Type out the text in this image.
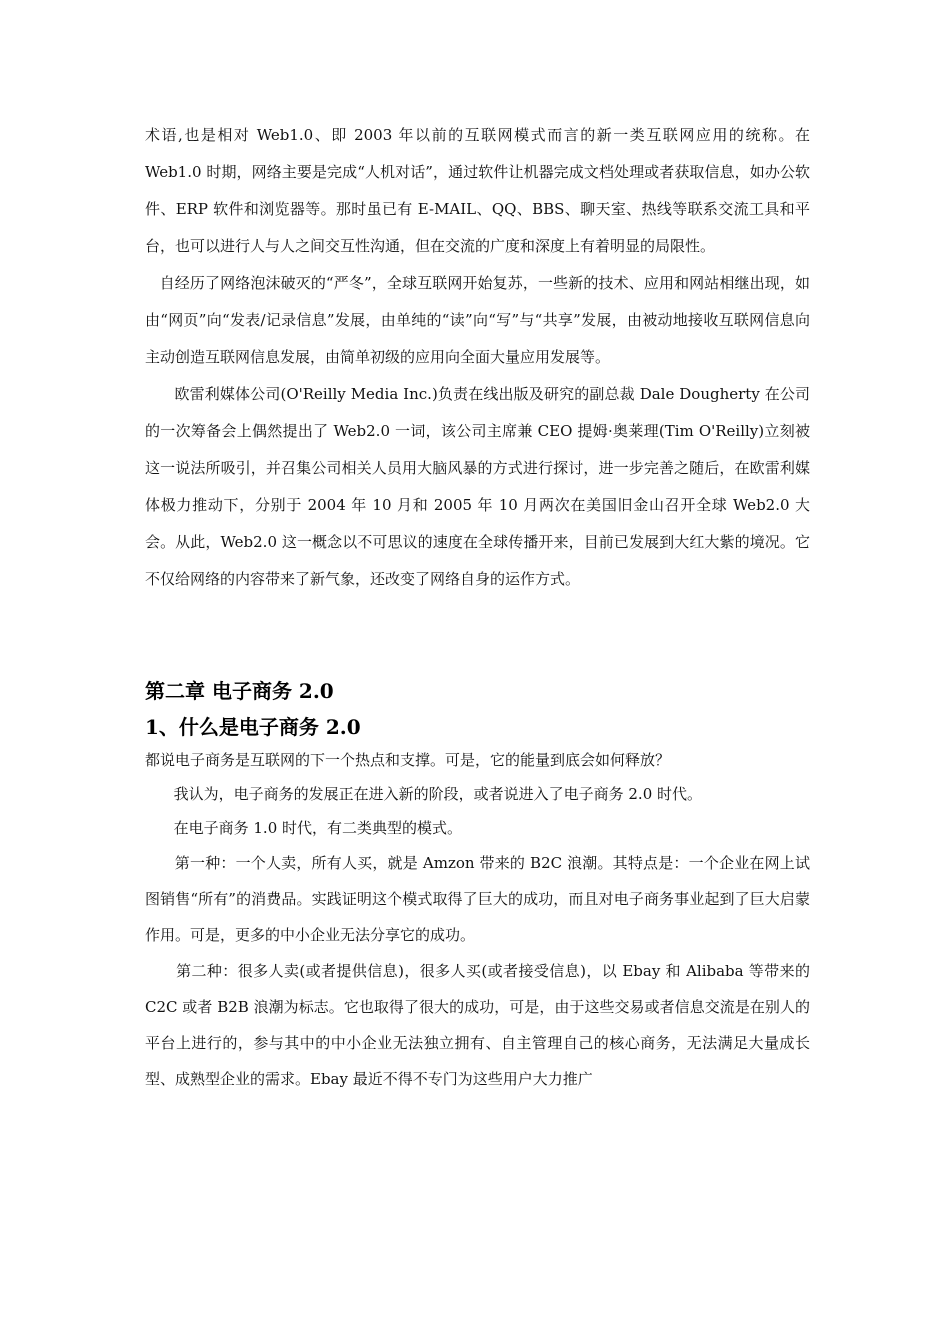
术语,也是相对 Web1.0、即 2003 年以前的互联网模式而言的新一类互联网应用的统称。在 Web1.0 时期，网络主要是完成“人机对话”，通过软件让机器完成文档处理或者获取信息，如办公软件、ERP 软件和浏览器等。那时虽已有 E-MAIL、QQ、BBS、聊天室、热线等联系交流工具和平台，也可以进行人与人之间交互性沟通，但在交流的广度和深度上有着明显的局限性。

自经历了网络泡沫破灭的“严冬”，全球互联网开始复苏，一些新的技术、应用和网站相继出现，如由“网页”向“发表/记录信息”发展，由单纯的“读”向“写”与“共享”发展，由被动地接收互联网信息向主动创造互联网信息发展，由简单初级的应用向全面大量应用发展等。

欧雷利媒体公司(O'Reilly Media Inc.)负责在线出版及研究的副总裁 Dale Dougherty 在公司的一次筹备会上偶然提出了 Web2.0 一词，该公司主席兼 CEO 提姆·奥莱理(Tim O'Reilly)立刻被这一说法所吸引，并召集公司相关人员用大脑风暴的方式进行探讨，进一步完善之随后，在欧雷利媒体极力推动下，分别于 2004 年 10 月和 2005 年 10 月两次在美国旧金山召开全球 Web2.0 大会。从此，Web2.0 这一概念以不可思议的速度在全球传播开来，目前已发展到大红大紫的境况。它不仅给网络的内容带来了新气象，还改变了网络自身的运作方式。

第二章 电子商务 2.0
1、什么是电子商务 2.0

都说电子商务是互联网的下一个热点和支撑。可是，它的能量到底会如何释放？

我认为，电子商务的发展正在进入新的阶段，或者说进入了电子商务 2.0 时代。

在电子商务 1.0 时代，有二类典型的模式。

第一种：一个人卖，所有人买，就是 Amzon 带来的 B2C 浪潮。其特点是：一个企业在网上试图销售“所有”的消费品。实践证明这个模式取得了巨大的成功，而且对电子商务事业起到了巨大启蒙作用。可是，更多的中小企业无法分享它的成功。

第二种：很多人卖(或者提供信息)，很多人买(或者接受信息)，以 Ebay 和 Alibaba 等带来的 C2C 或者 B2B 浪潮为标志。它也取得了很大的成功，可是，由于这些交易或者信息交流是在别人的平台上进行的，参与其中的中小企业无法独立拥有、自主管理自己的核心商务，无法满足大量成长型、成熟型企业的需求。Ebay 最近不得不专门为这些用户大力推广
